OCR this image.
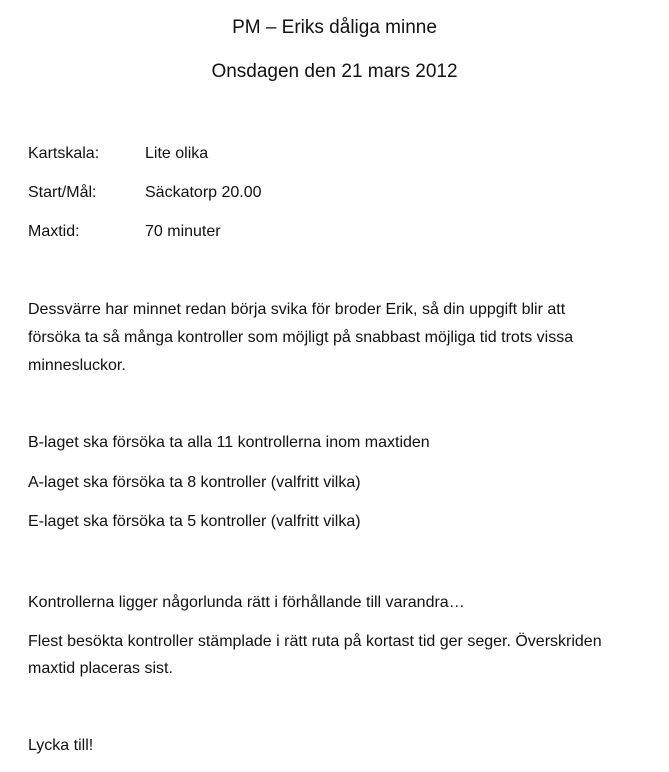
PM – Eriks dåliga minne
Onsdagen den 21 mars 2012
Kartskala:	Lite olika
Start/Mål:	Säckatorp 20.00
Maxtid:	70 minuter
Dessvärre har minnet redan börja svika för broder Erik, så din uppgift blir att
försöka ta så många kontroller som möjligt på snabbast möjliga tid trots vissa
minnesluckor.
B-laget ska försöka ta alla 11 kontrollerna inom maxtiden
A-laget ska försöka ta 8 kontroller (valfritt vilka)
E-laget ska försöka ta 5 kontroller (valfritt vilka)
Kontrollerna ligger någorlunda rätt i förhållande till varandra…
Flest besökta kontroller stämplade i rätt ruta på kortast tid ger seger. Överskriden
maxtid placeras sist.
Lycka till!
